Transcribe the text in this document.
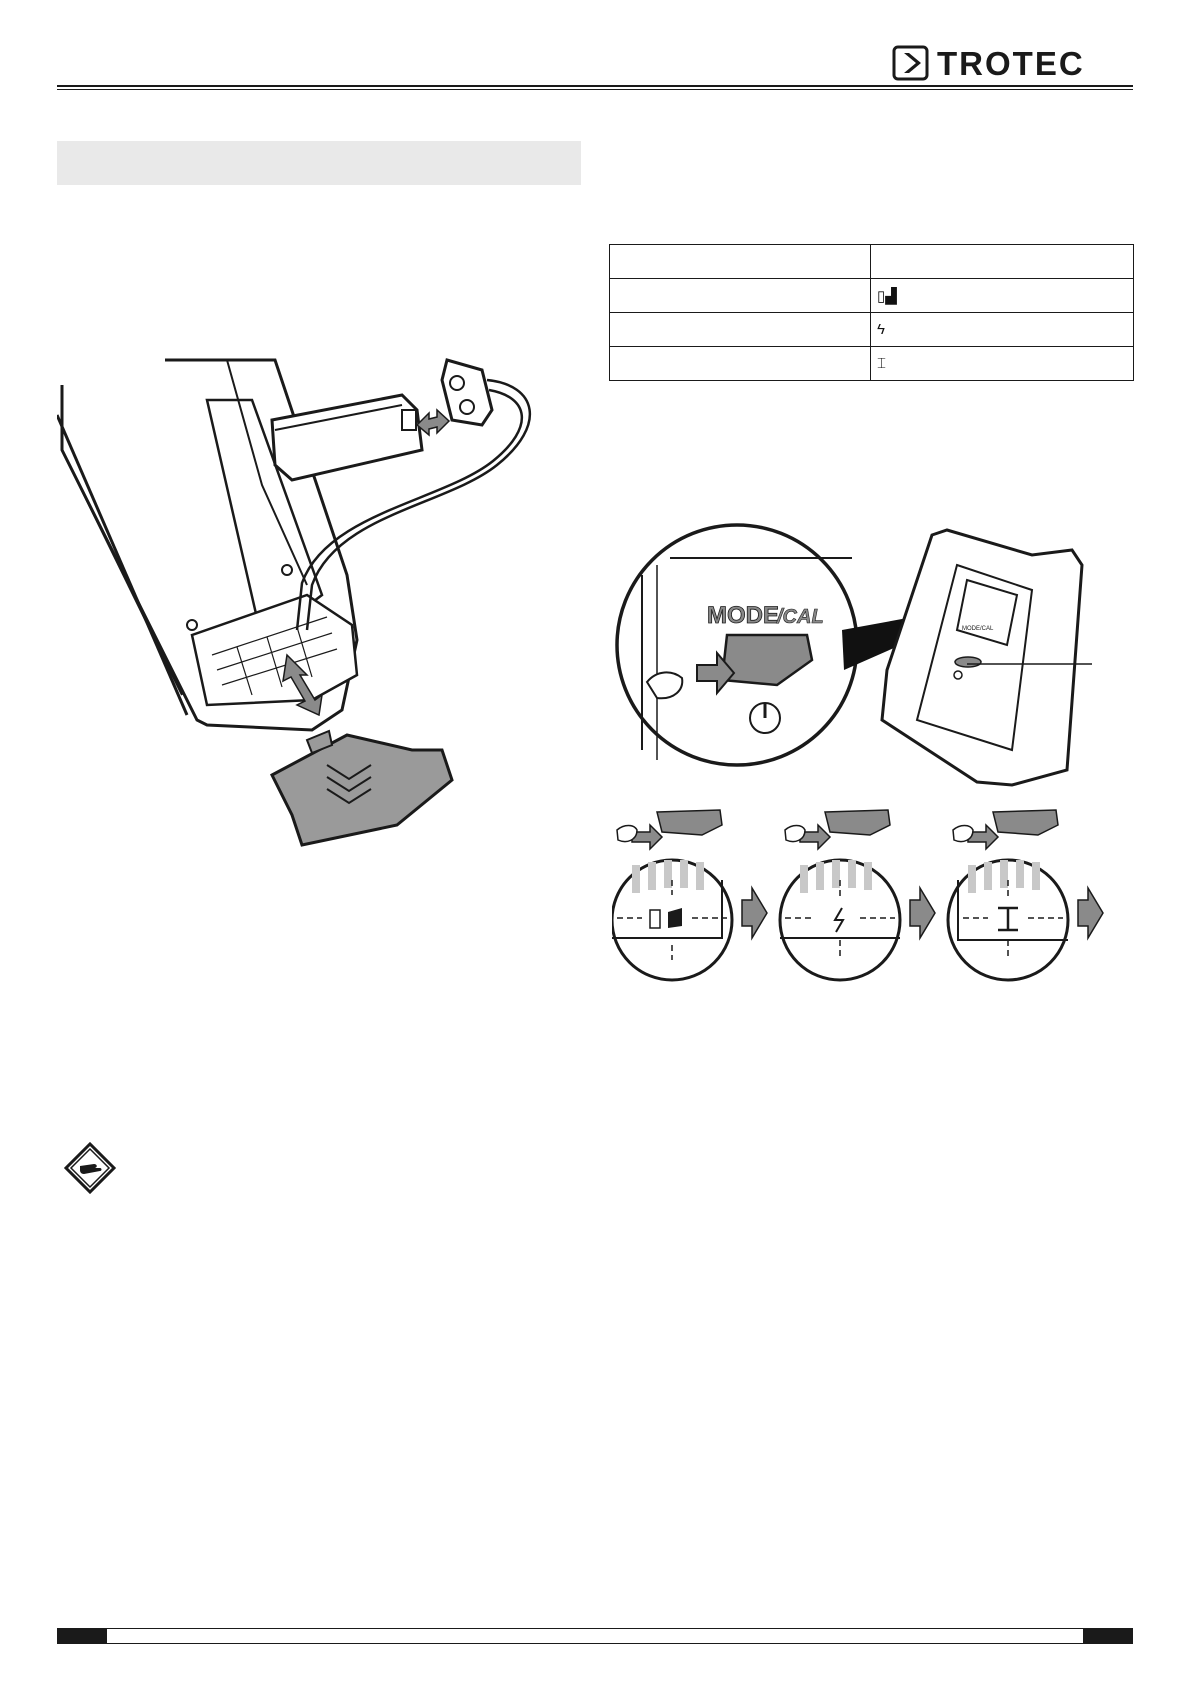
TROTEC

	▯▟
	ϟ
	⌶
MODE
/CAL
MODE/CAL
